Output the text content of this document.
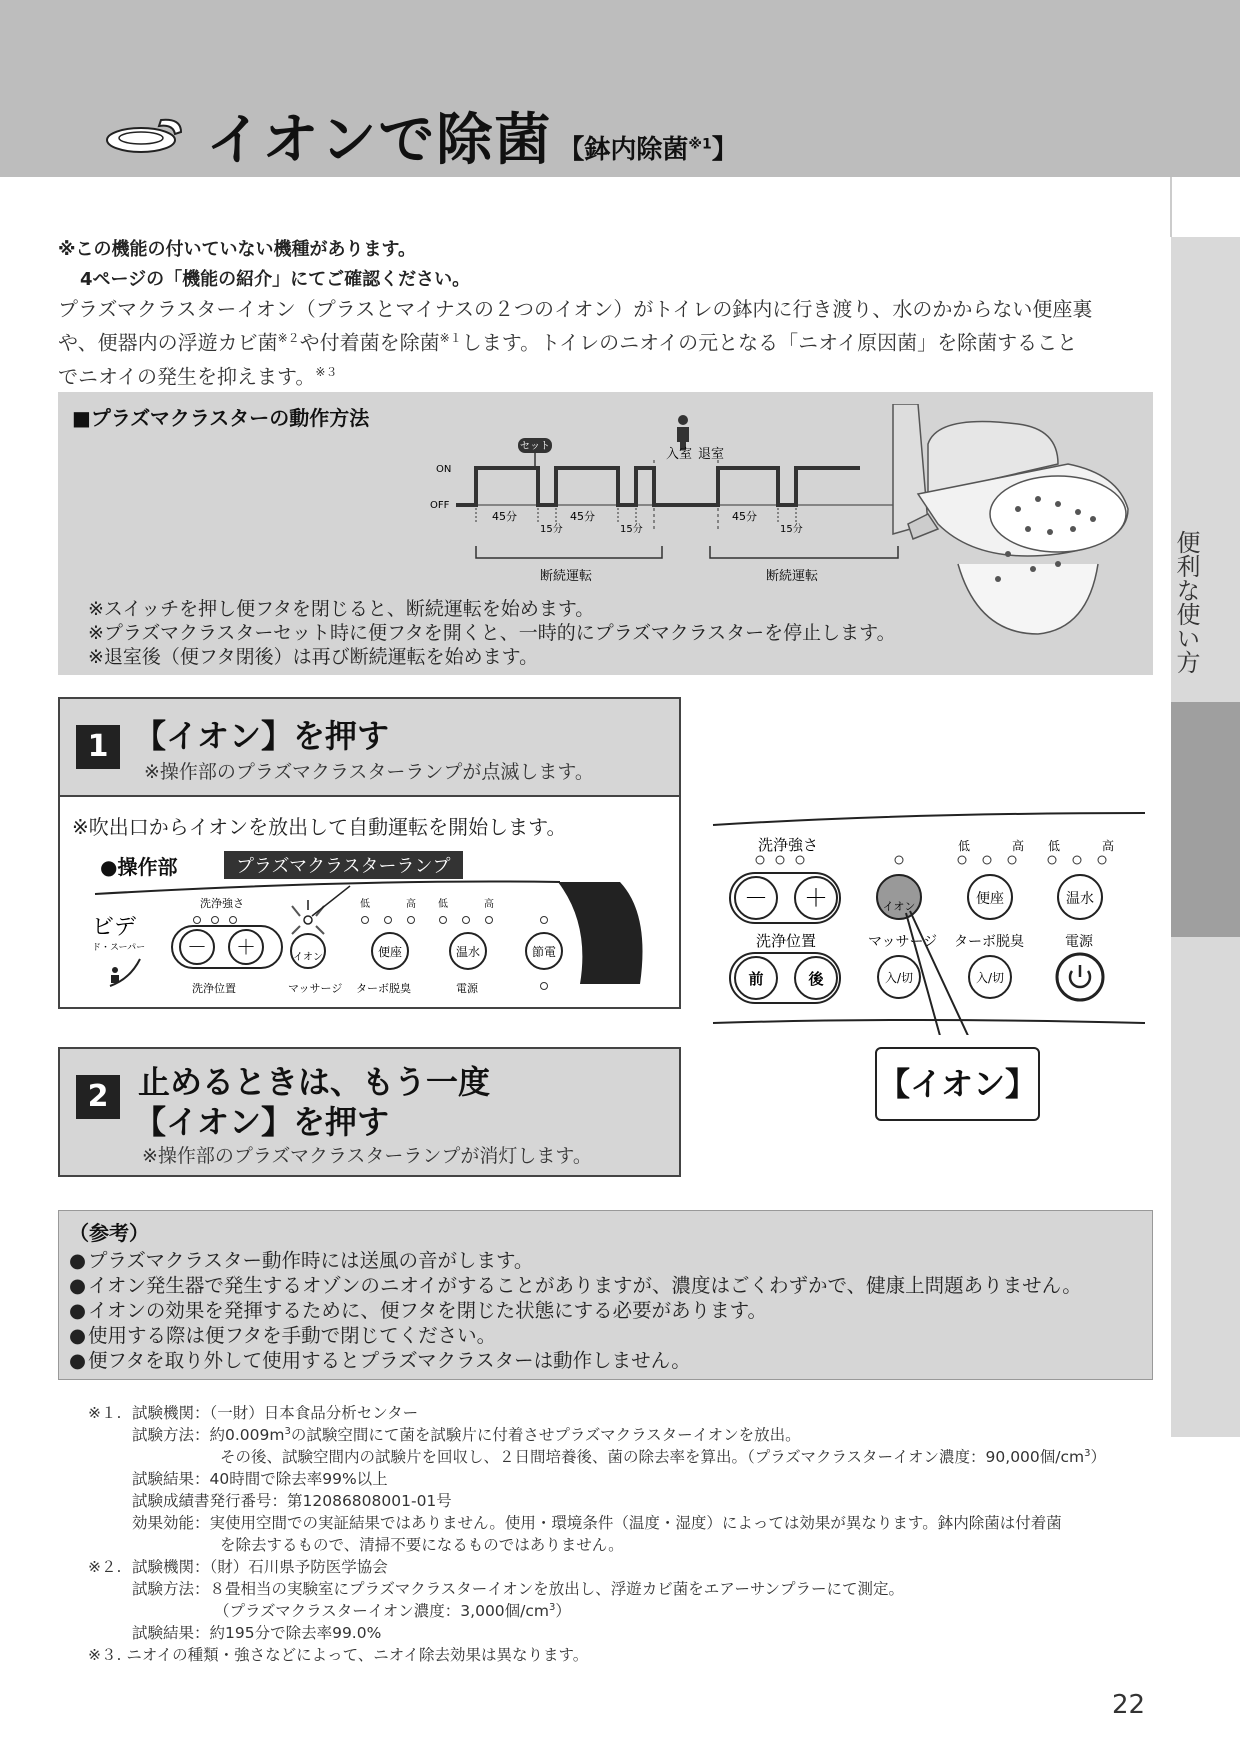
イオンで除菌 【鉢内除菌$^{※1}$】
便利な使い方
※この機能の付いていない機種があります。
4ページの「機能の紹介」にてご確認ください。
プラズマクラスターイオン（プラスとマイナスの２つのイオン）がトイレの鉢内に行き渡り、水のかからない便座裏
や、便器内の浮遊カビ菌$^{※2}$や付着菌を除菌$^{※1}$します。トイレのニオイの元となる「ニオイ原因菌」を除菌すること
でニオイの発生を抑えます。$^{※3}$
■プラズマクラスターの動作方法
セット
ON
OFF
入室 退室
45分	45分	45分
15分	15分	15分
断続運転	断続運転
※スイッチを押し便フタを閉じると、断続運転を始めます。
※プラズマクラスターセット時に便フタを開くと、一時的にプラズマクラスターを停止します。
※退室後（便フタ閉後）は再び断続運転を始めます。
1 【イオン】を押す
※操作部のプラズマクラスターランプが点滅します。
※吹出口からイオンを放出して自動運転を開始します。
●操作部	プラズマクラスターランプ
ビデ
ド・スーパー
洗浄強さ
－ ＋
洗浄位置
イオン
マッサージ
低	高 低	高
便座	温水	節電
ターボ脱臭	電源
2 止めるときは、もう一度
【イオン】を押す
※操作部のプラズマクラスターランプが消灯します。
洗浄強さ
－ ＋
洗浄位置
前	後
イオン
マッサージ
入/切
低	高 低	高
便座	温水
ターボ脱臭	電源
入/切
【イオン】
（参考）
● プラズマクラスター動作時には送風の音がします。
● イオン発生器で発生するオゾンのニオイがすることがありますが、濃度はごくわずかで、健康上問題ありません。
● イオンの効果を発揮するために、便フタを閉じた状態にする必要があります。
● 使用する際は便フタを手動で閉じてください。
● 便フタを取り外して使用するとプラズマクラスターは動作しません。
※１. 試験機関：（一財）日本食品分析センター
試験方法：約$0.009m^3$の試験空間にて菌を試験片に付着させプラズマクラスターイオンを放出。
その後、試験空間内の試験片を回収し、２日間培養後、菌の除去率を算出。（プラズマクラスターイオン濃度：90,000個$/cm^3$）
試験結果：40時間で除去率99%以上
試験成績書発行番号：第12086808001-01号
効果効能：実使用空間での実証結果ではありません。使用・環境条件（温度・湿度）によっては効果が異なります。鉢内除菌は付着菌
を除去するもので、清掃不要になるものではありません。
※２. 試験機関：（財）石川県予防医学協会
試験方法：８畳相当の実験室にプラズマクラスターイオンを放出し、浮遊カビ菌をエアーサンプラーにて測定。
（プラズマクラスターイオン濃度：3,000個$/cm^3$）
試験結果：約195分で除去率99.0%
※３. ニオイの種類・強さなどによって、ニオイ除去効果は異なります。
22
